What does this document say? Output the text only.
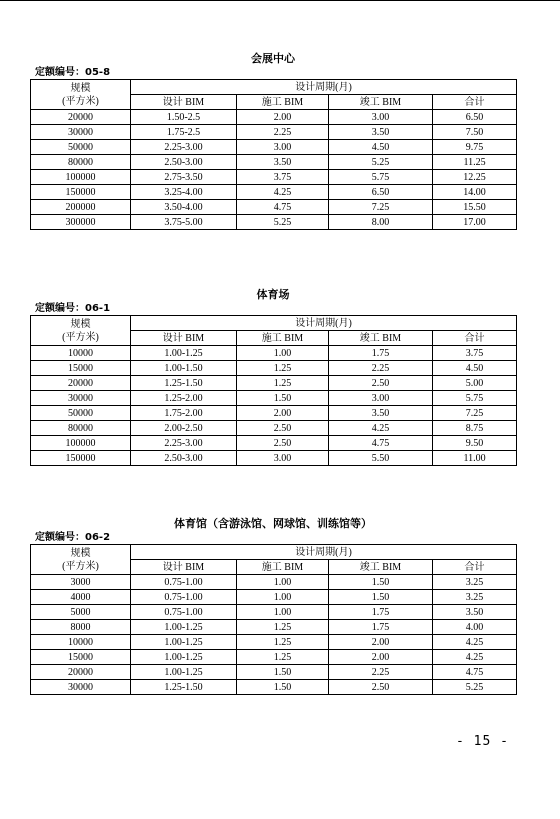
会展中心
定额编号：05-8
规模
(平方米)	设计周期(月)			
	设计 BIM	施工 BIM	竣工 BIM	合计
20000	1.50-2.5	2.00	3.00	6.50
30000	1.75-2.5	2.25	3.50	7.50
50000	2.25-3.00	3.00	4.50	9.75
80000	2.50-3.00	3.50	5.25	11.25
100000	2.75-3.50	3.75	5.75	12.25
150000	3.25-4.00	4.25	6.50	14.00
200000	3.50-4.00	4.75	7.25	15.50
300000	3.75-5.00	5.25	8.00	17.00
体育场
定额编号：06-1
规模
(平方米)	设计周期(月)			
	设计 BIM	施工 BIM	竣工 BIM	合计
10000	1.00-1.25	1.00	1.75	3.75
15000	1.00-1.50	1.25	2.25	4.50
20000	1.25-1.50	1.25	2.50	5.00
30000	1.25-2.00	1.50	3.00	5.75
50000	1.75-2.00	2.00	3.50	7.25
80000	2.00-2.50	2.50	4.25	8.75
100000	2.25-3.00	2.50	4.75	9.50
150000	2.50-3.00	3.00	5.50	11.00
体育馆（含游泳馆、网球馆、训练馆等）
定额编号：06-2
规模
(平方米)	设计周期(月)			
	设计 BIM	施工 BIM	竣工 BIM	合计
3000	0.75-1.00	1.00	1.50	3.25
4000	0.75-1.00	1.00	1.50	3.25
5000	0.75-1.00	1.00	1.75	3.50
8000	1.00-1.25	1.25	1.75	4.00
10000	1.00-1.25	1.25	2.00	4.25
15000	1.00-1.25	1.25	2.00	4.25
20000	1.00-1.25	1.50	2.25	4.75
30000	1.25-1.50	1.50	2.50	5.25
- 15 -
